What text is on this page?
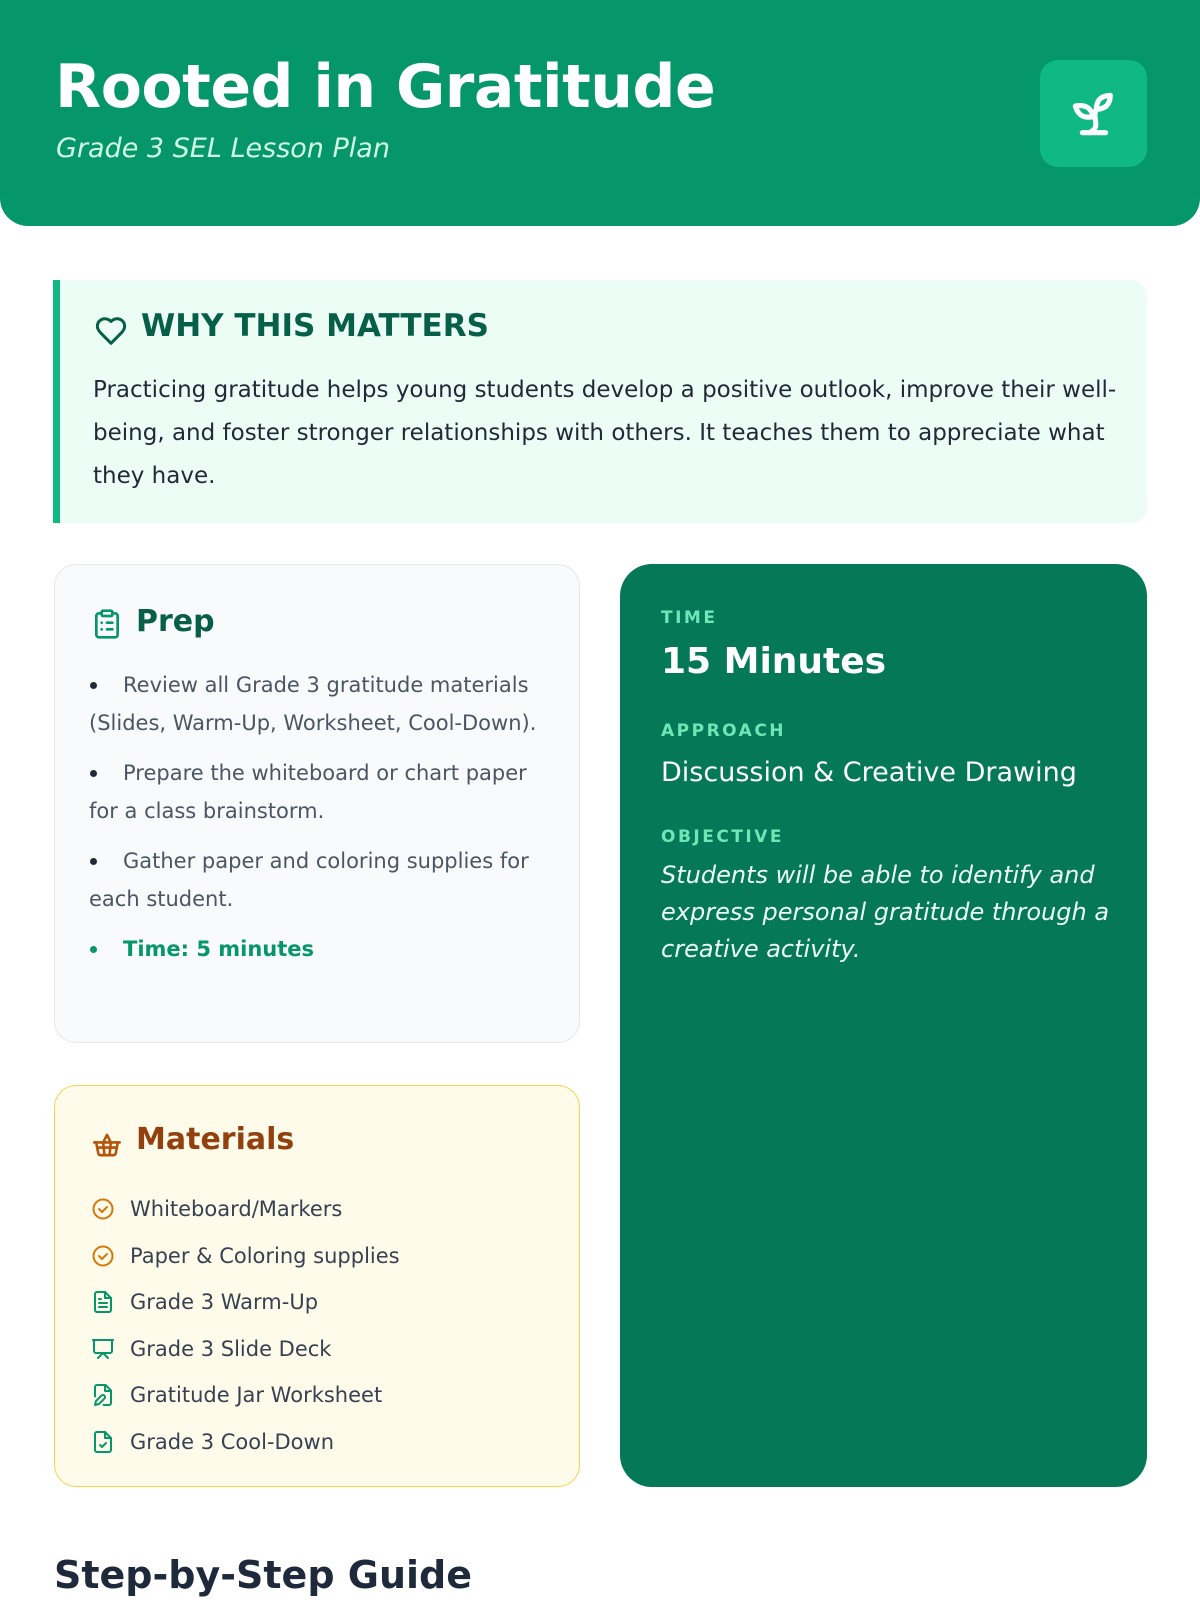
Rooted in Gratitude
Grade 3 SEL Lesson Plan
WHY THIS MATTERS

Practicing gratitude helps young students develop a positive outlook, improve their well-being, and foster stronger relationships with others. It teaches them to appreciate what they have.

Prep
Review all Grade 3 gratitude materials (Slides, Warm-Up, Worksheet, Cool-Down).
Prepare the whiteboard or chart paper for a class brainstorm.
Gather paper and coloring supplies for each student.
Time: 5 minutes
Materials
Whiteboard/Markers
Paper & Coloring supplies
Grade 3 Warm-Up
Grade 3 Slide Deck
Gratitude Jar Worksheet
Grade 3 Cool-Down
TIME
15 Minutes
APPROACH
Discussion & Creative Drawing
OBJECTIVE
Students will be able to identify and express personal gratitude through a creative activity.
Step-by-Step Guide
